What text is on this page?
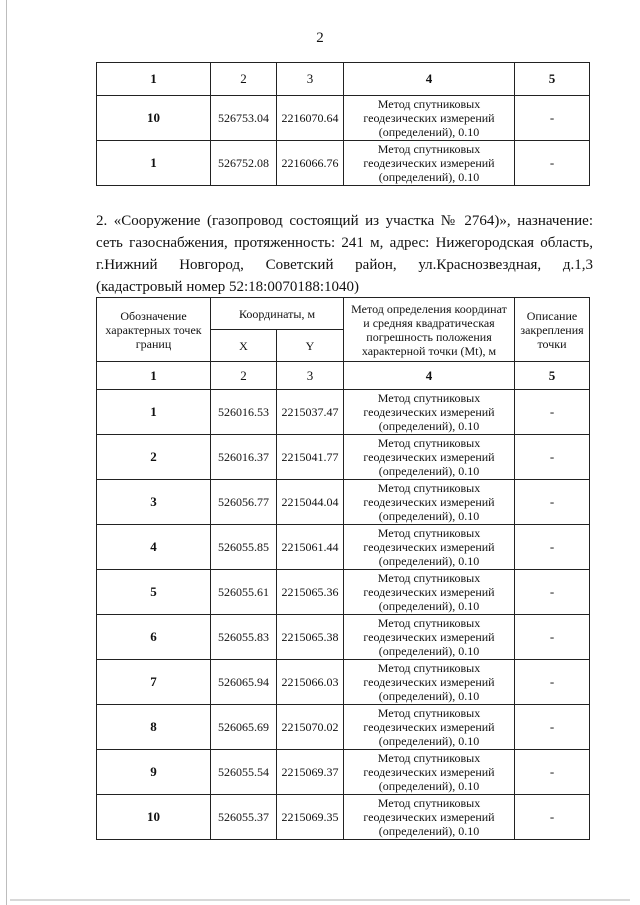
2
1	2	3	4	5
10	526753.04	2216070.64	Метод спутниковых
геодезических измерений
(определений), 0.10	-
1	526752.08	2216066.76	Метод спутниковых
геодезических измерений
(определений), 0.10	-
2. «Сооружение (газопровод состоящий из участка № 2764)», назначение: сеть газоснабжения, протяженность: 241 м, адрес: Нижегородская область, г.Нижний Новгород, Советский район, ул.Краснозвездная, д.1,3 (кадастровый номер 52:18:0070188:1040)
Обозначение
характерных точек
границ	Координаты, м		Метод определения координат
и средняя квадратическая
погрешность положения
характерной точки (Mt), м	Описание
закрепления
точки
	X	Y		
1	2	3	4	5
1	526016.53	2215037.47	Метод спутниковых
геодезических измерений
(определений), 0.10	-
2	526016.37	2215041.77	Метод спутниковых
геодезических измерений
(определений), 0.10	-
3	526056.77	2215044.04	Метод спутниковых
геодезических измерений
(определений), 0.10	-
4	526055.85	2215061.44	Метод спутниковых
геодезических измерений
(определений), 0.10	-
5	526055.61	2215065.36	Метод спутниковых
геодезических измерений
(определений), 0.10	-
6	526055.83	2215065.38	Метод спутниковых
геодезических измерений
(определений), 0.10	-
7	526065.94	2215066.03	Метод спутниковых
геодезических измерений
(определений), 0.10	-
8	526065.69	2215070.02	Метод спутниковых
геодезических измерений
(определений), 0.10	-
9	526055.54	2215069.37	Метод спутниковых
геодезических измерений
(определений), 0.10	-
10	526055.37	2215069.35	Метод спутниковых
геодезических измерений
(определений), 0.10	-
